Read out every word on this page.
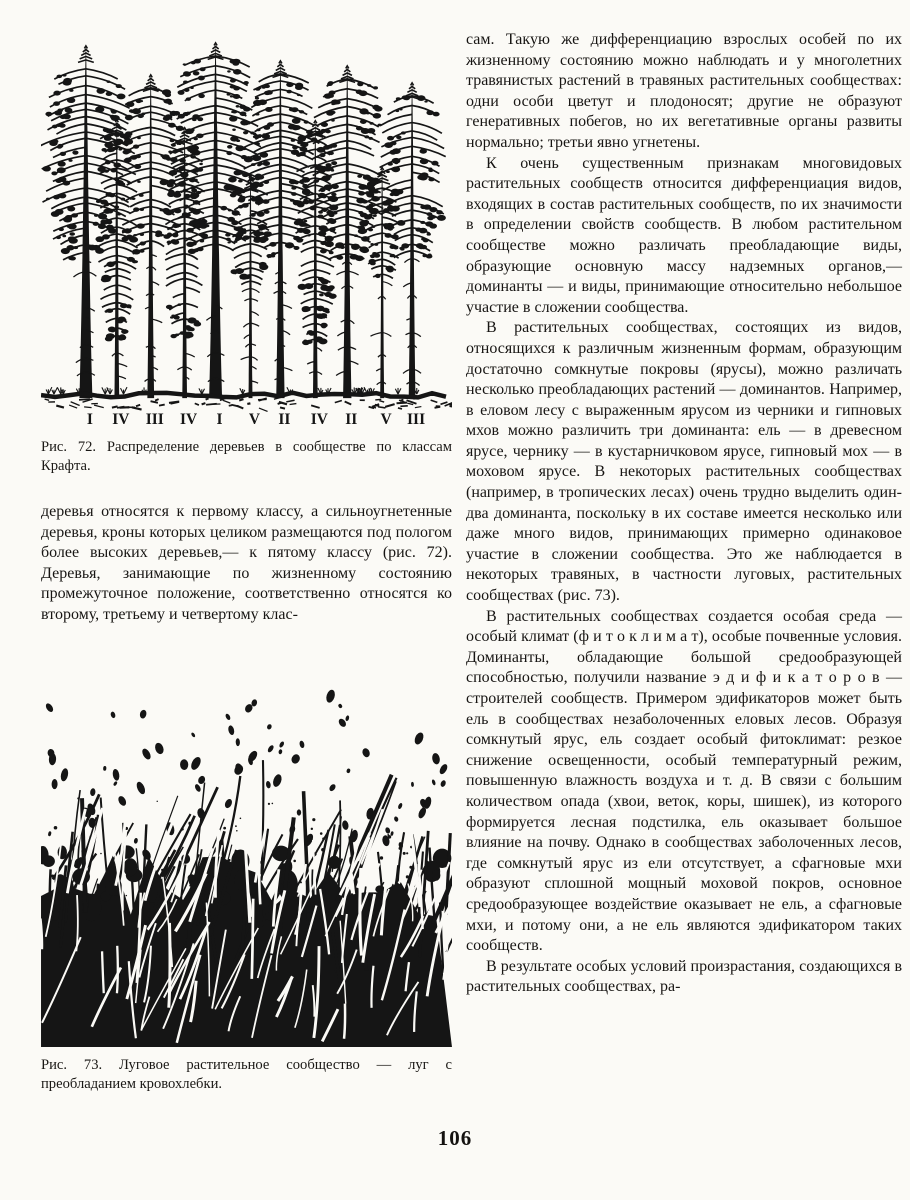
I IV III IV I V II IV II V III
Рис. 72. Распределение деревьев в сообществе по классам Крафта.

деревья относятся к первому классу, а сильноугнетенные деревья, кроны которых целиком размещаются под пологом более высоких деревьев,— к пятому классу (рис. 72). Деревья, занимающие по жизненному состоянию промежуточное положение, соответственно относятся ко второму, третьему и четвертому клас-

Рис. 73. Луговое растительное сообщество — луг с преобладанием кровохлебки.

сам. Такую же дифференциацию взрослых особей по их жизненному состоянию можно наблюдать и у многолетних травянистых растений в травяных растительных сообществах: одни особи цветут и плодоносят; другие не образуют генеративных побегов, но их вегетативные органы развиты нормально; третьи явно угнетены.

К очень существенным признакам многовидовых растительных сообществ относится дифференциация видов, входящих в состав растительных сообществ, по их значимости в определении свойств сообществ. В любом растительном сообществе можно различать преобладающие виды, образующие основную массу надземных органов,— доминанты — и виды, принимающие относительно небольшое участие в сложении сообщества.

В растительных сообществах, состоящих из видов, относящихся к различным жизненным формам, образующим достаточно сомкнутые покровы (ярусы), можно различать несколько преобладающих растений — доминантов. Например, в еловом лесу с выраженным ярусом из черники и гипновых мхов можно различить три доминанта: ель — в древесном ярусе, чернику — в кустарничковом ярусе, гипновый мох — в моховом ярусе. В некоторых растительных сообществах (например, в тропических лесах) очень трудно выделить один-два доминанта, поскольку в их составе имеется несколько или даже много видов, принимающих примерно одинаковое участие в сложении сообщества. Это же наблюдается в некоторых травяных, в частности луговых, растительных сообществах (рис. 73).

В растительных сообществах создается особая среда — особый климат (ф и т о к л и м а т), особые почвенные условия. Доминанты, обладающие большой средообразующей способностью, получили название э д и ф и к а т о р о в — строителей сообществ. Примером эдификаторов может быть ель в сообществах незаболоченных еловых лесов. Образуя сомкнутый ярус, ель создает особый фитоклимат: резкое снижение освещенности, особый температурный режим, повышенную влажность воздуха и т. д. В связи с большим количеством опада (хвои, веток, коры, шишек), из которого формируется лесная подстилка, ель оказывает большое влияние на почву. Однако в сообществах заболоченных лесов, где сомкнутый ярус из ели отсутствует, а сфагновые мхи образуют сплошной мощный моховой покров, основное средообразующее воздействие оказывает не ель, а сфагновые мхи, и потому они, а не ель являются эдификатором таких сообществ.

В результате особых условий произрастания, создающихся в растительных сообществах, ра-

106
